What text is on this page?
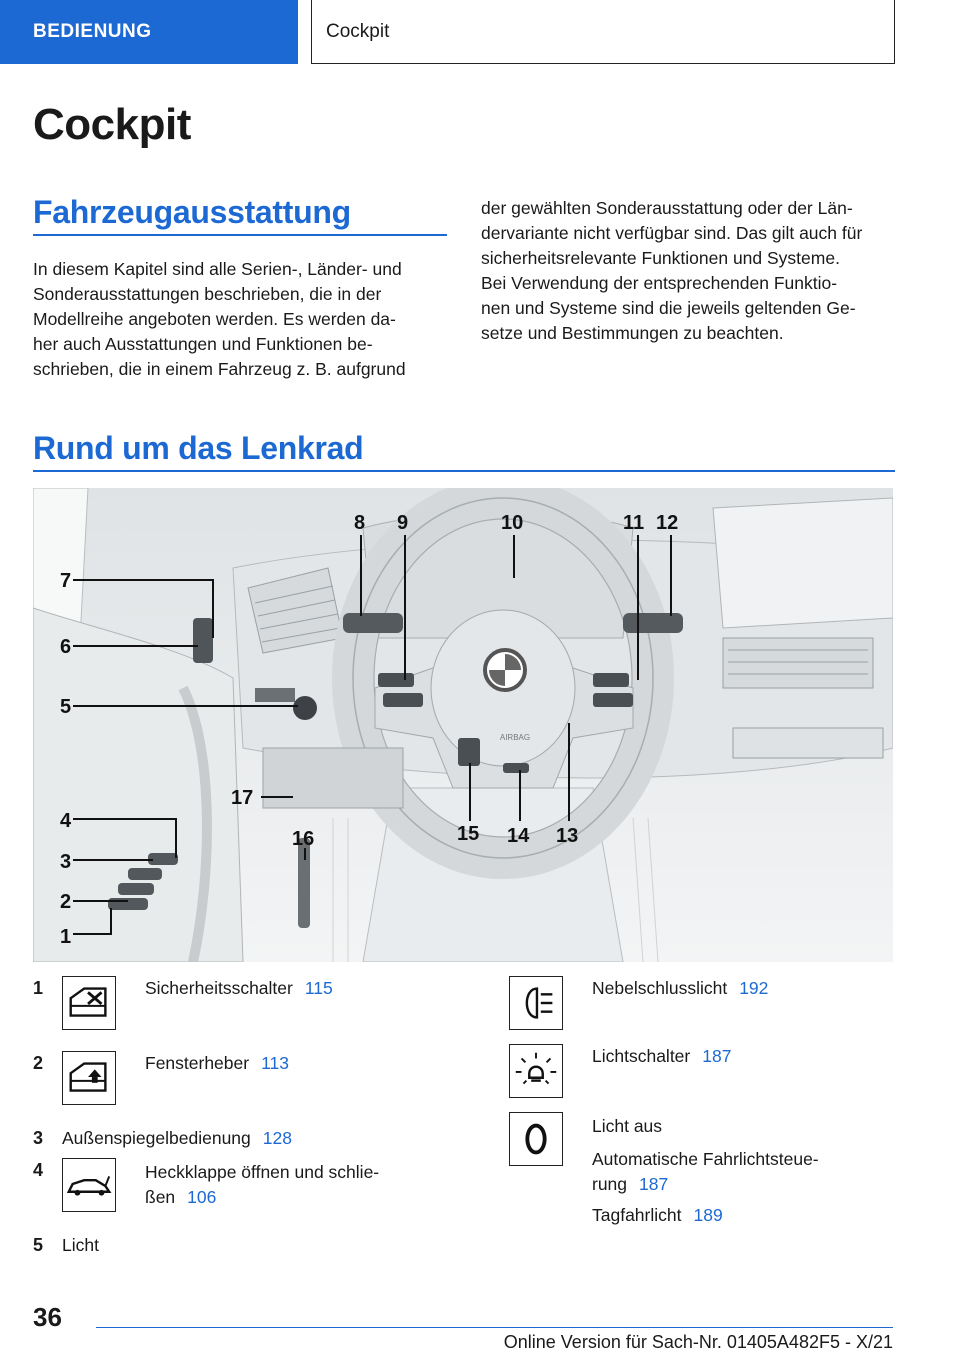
BEDIENUNG	Cockpit
Cockpit
Fahrzeugausstattung
In diesem Kapitel sind alle Serien-, Länder- und
Sonderausstattungen beschrieben, die in der
Modellreihe angeboten werden. Es werden da-
her auch Ausstattungen und Funktionen be-
schrieben, die in einem Fahrzeug z. B. aufgrund
der gewählten Sonderausstattung oder der Län-
dervariante nicht verfügbar sind. Das gilt auch für
sicherheitsrelevante Funktionen und Systeme.
Bei Verwendung der entsprechenden Funktio-
nen und Systeme sind die jeweils geltenden Ge-
setze und Bestimmungen zu beachten.
Rund um das Lenkrad
AIRBAG
1
2
3
4
5
6
7
8 9	10	11 12
13
14
15
16
17
1	Sicherheitsschalter 115
2	Fensterheber 113
3 Außenspiegelbedienung 128
4	Heckklappe öffnen und schlie-
ßen 106
5 Licht
Nebelschlusslicht 192
Lichtschalter 187
Licht aus
Automatische Fahrlichtsteue-
rung 187
Tagfahrlicht 189
36
Online Version für Sach-Nr. 01405A482F5 - X/21
